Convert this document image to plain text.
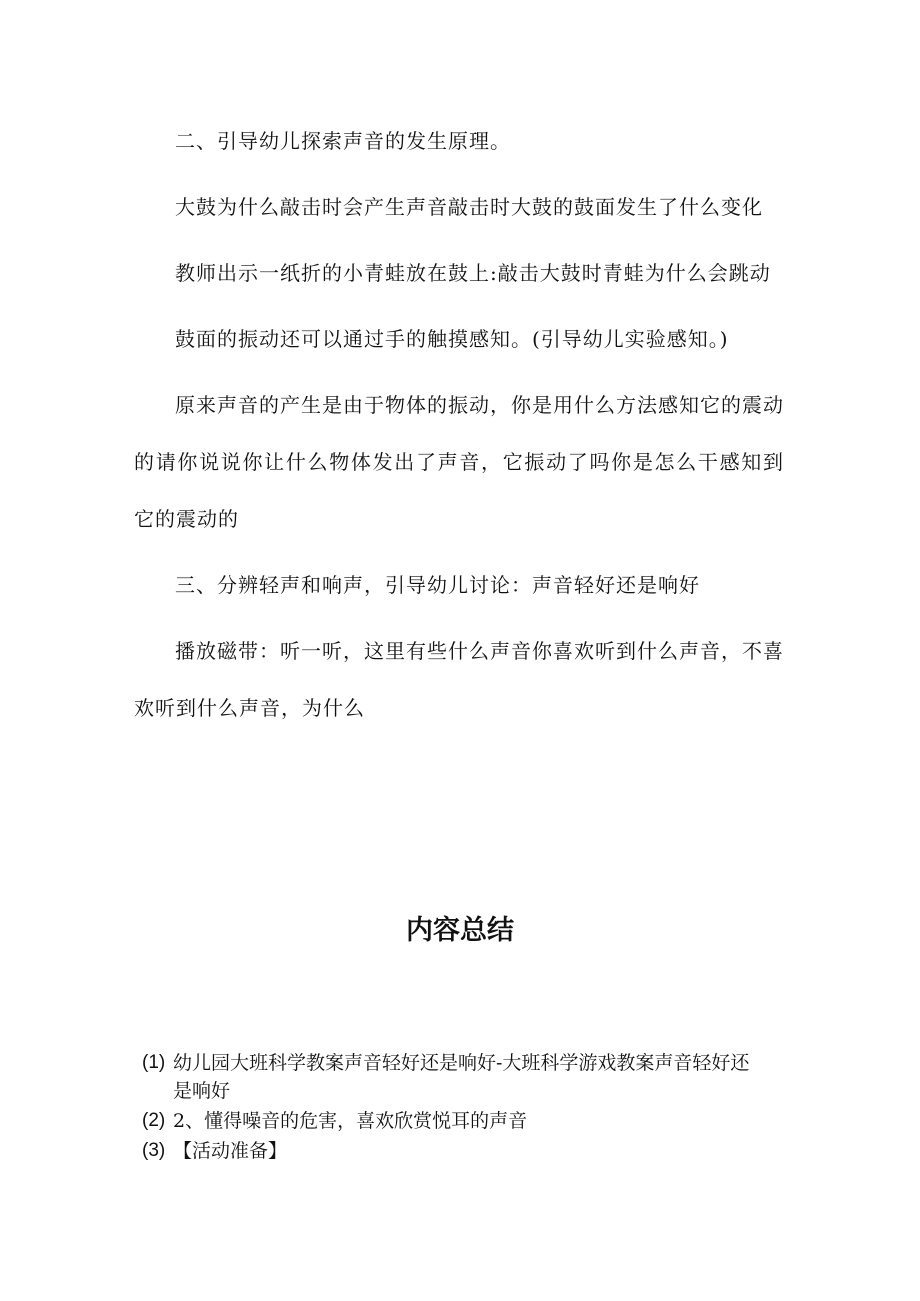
二、引导幼儿探索声音的发生原理。

大鼓为什么敲击时会产生声音敲击时大鼓的鼓面发生了什么变化

教师出示一纸折的小青蛙放在鼓上:敲击大鼓时青蛙为什么会跳动

鼓面的振动还可以通过手的触摸感知。(引导幼儿实验感知。)

原来声音的产生是由于物体的振动，你是用什么方法感知它的震动的请你说说你让什么物体发出了声音，它振动了吗你是怎么干感知到它的震动的

三、分辨轻声和响声，引导幼儿讨论：声音轻好还是响好

播放磁带：听一听，这里有些什么声音你喜欢听到什么声音，不喜欢听到什么声音，为什么

内容总结
(1) 幼儿园大班科学教案声音轻好还是响好-大班科学游戏教案声音轻好还是响好
(2) 2、懂得噪音的危害，喜欢欣赏悦耳的声音
(3) 【活动准备】
